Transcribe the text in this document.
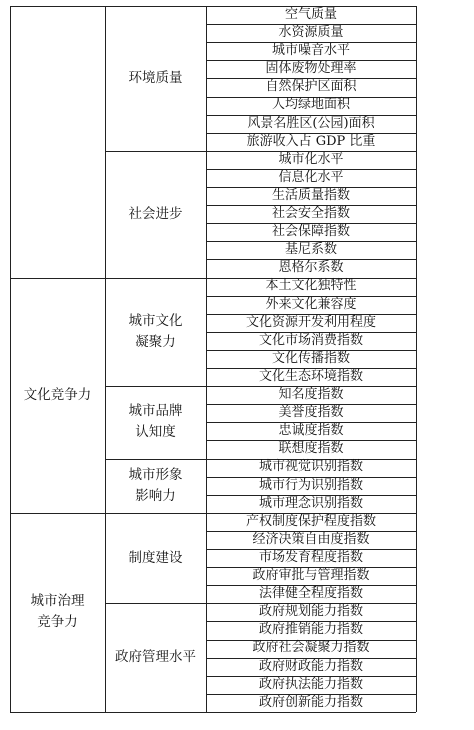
空气质量
水资源质量
城市噪音水平
固体废物处理率
自然保护区面积
人均绿地面积
风景名胜区(公园)面积
旅游收入占 GDP 比重
环境质量
城市化水平
信息化水平
生活质量指数
社会安全指数
社会保障指数
基尼系数
恩格尔系数
社会进步
本土文化独特性
外来文化兼容度
文化资源开发利用程度
文化市场消费指数
文化传播指数
文化生态环境指数
城市文化
凝聚力
知名度指数
美誉度指数
忠诚度指数
联想度指数
城市品牌
认知度
城市视觉识别指数
城市行为识别指数
城市理念识别指数
城市形象
影响力
文化竞争力
产权制度保护程度指数
经济决策自由度指数
市场发育程度指数
政府审批与管理指数
法律健全程度指数
制度建设
政府规划能力指数
政府推销能力指数
政府社会凝聚力指数
政府财政能力指数
政府执法能力指数
政府创新能力指数
政府管理水平
城市治理
竞争力
